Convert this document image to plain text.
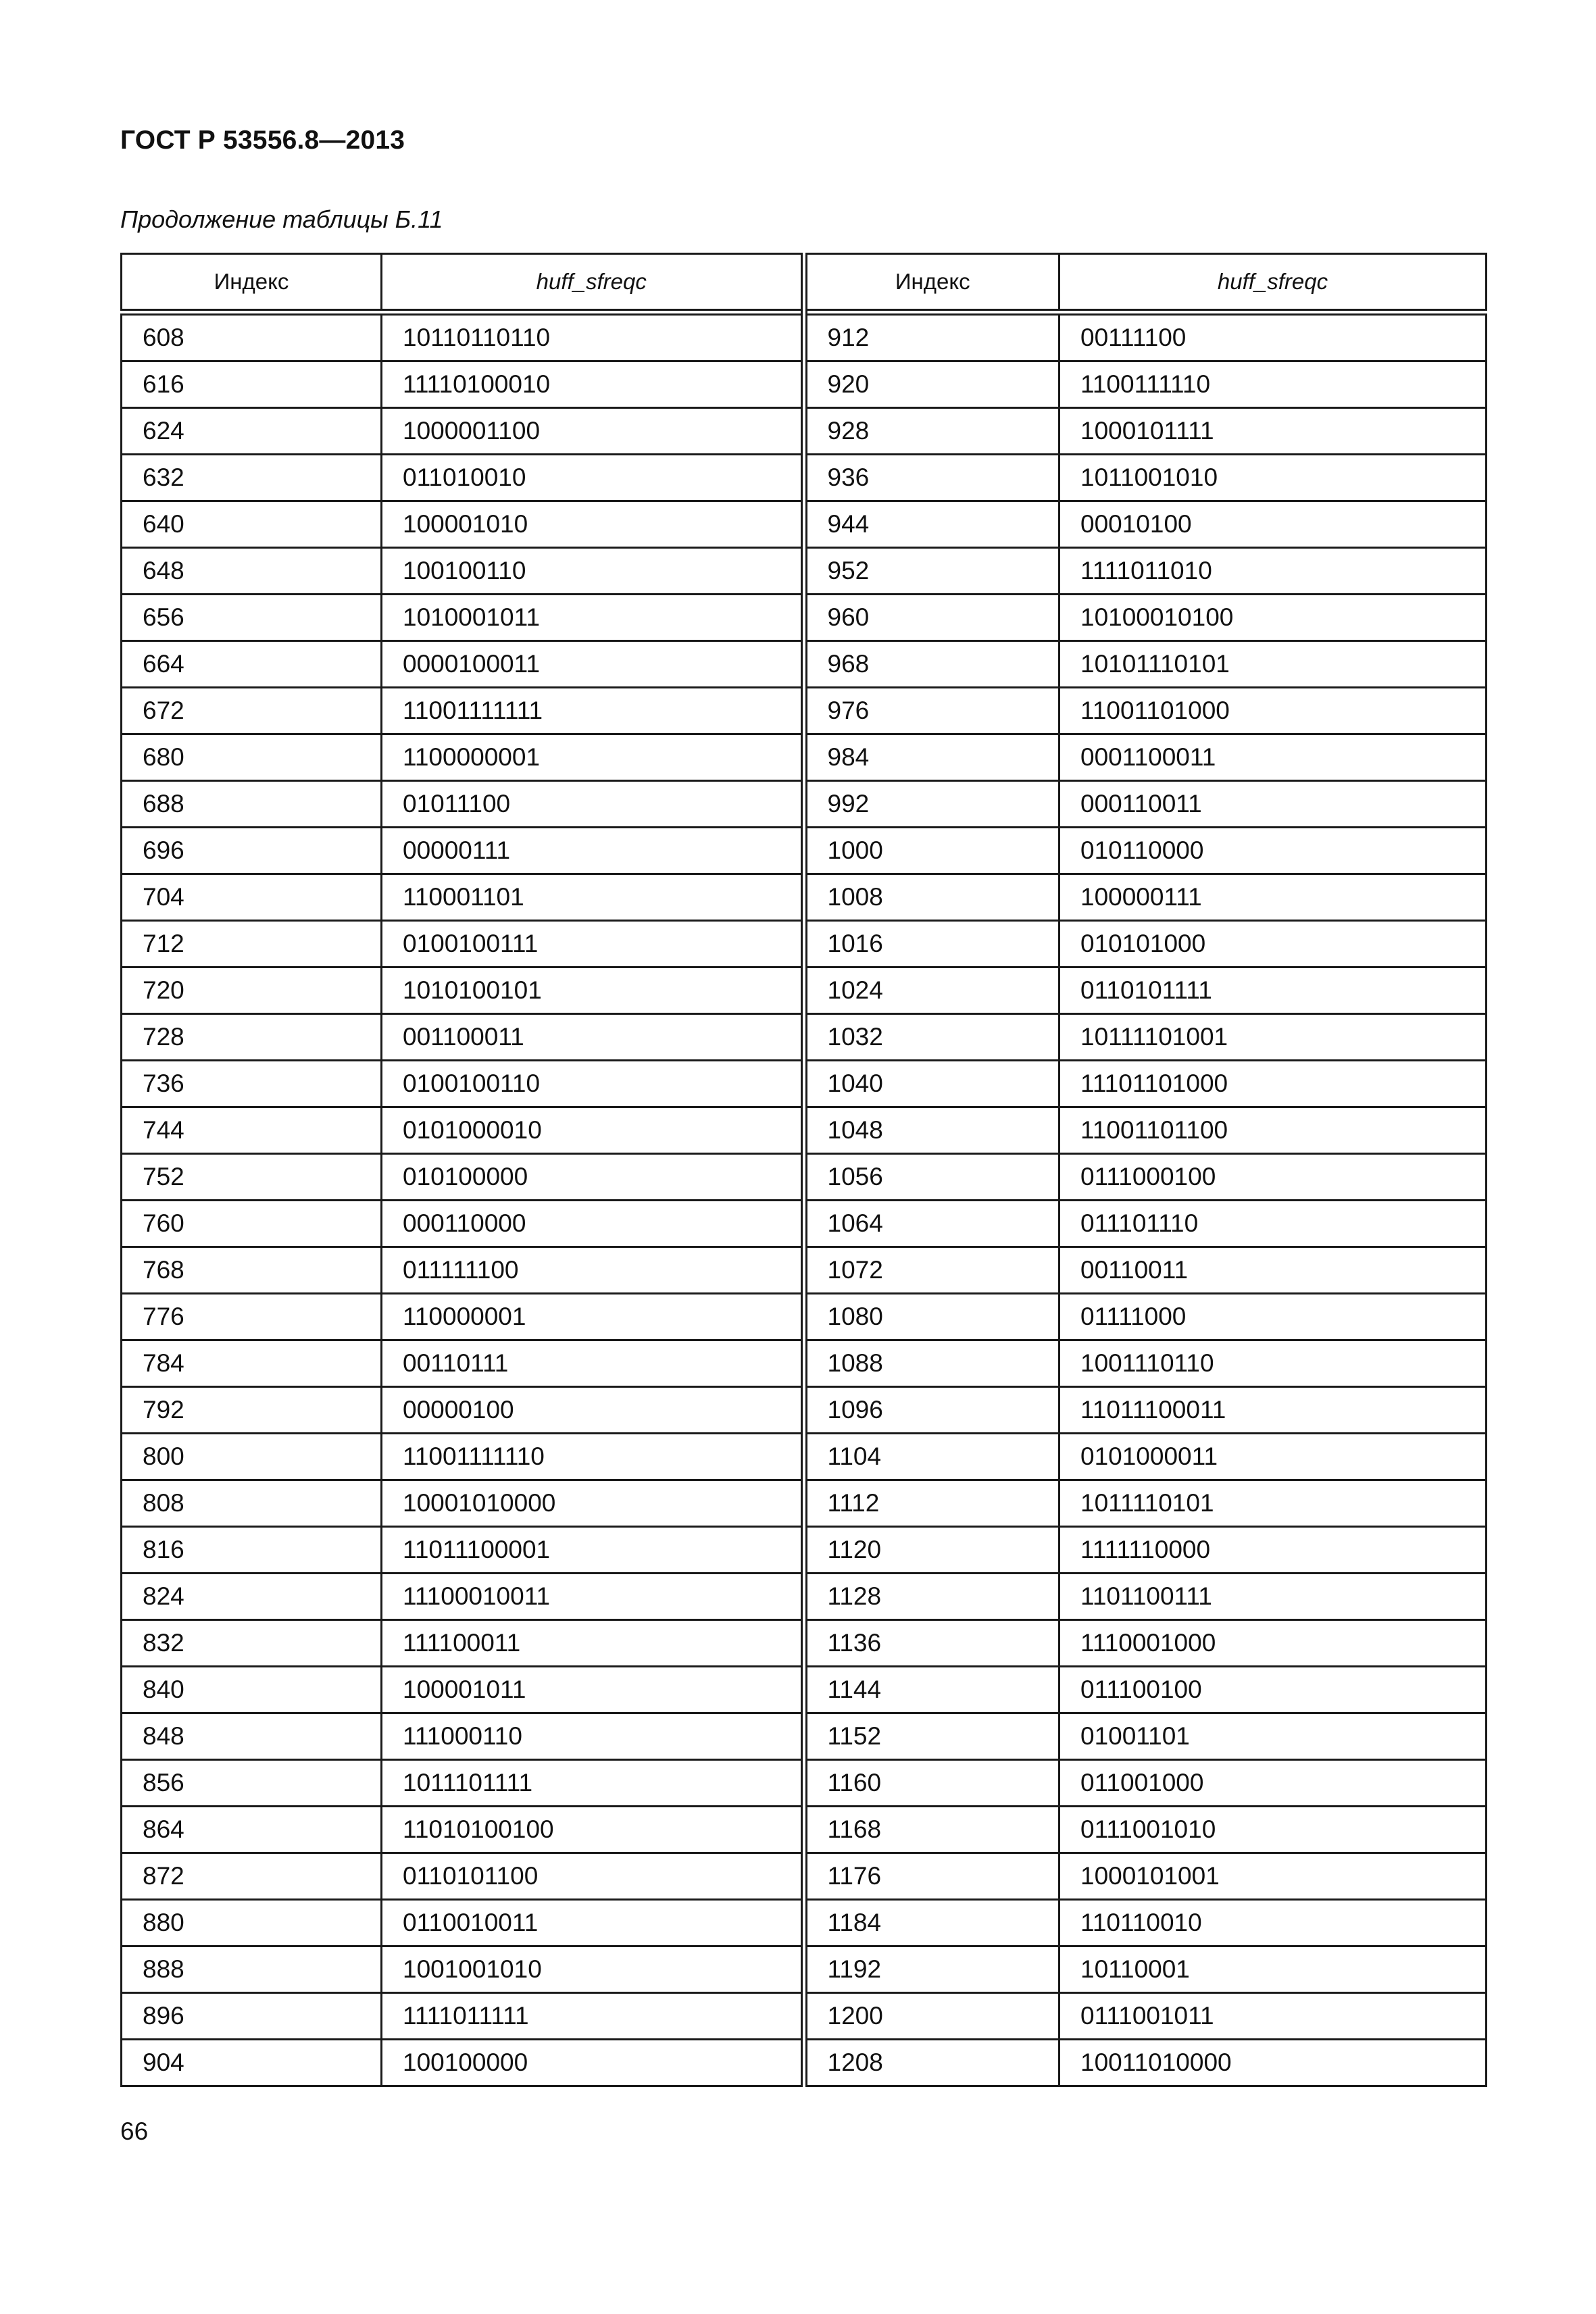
ГОСТ Р 53556.8—2013
Продолжение таблицы Б.11
Индекс	huff_sfreqc	Индекс	huff_sfreqc
608	10110110110	912	00111100
616	11110100010	920	1100111110
624	1000001100	928	1000101111
632	011010010	936	1011001010
640	100001010	944	00010100
648	100100110	952	1111011010
656	1010001011	960	10100010100
664	0000100011	968	10101110101
672	11001111111	976	11001101000
680	1100000001	984	0001100011
688	01011100	992	000110011
696	00000111	1000	010110000
704	110001101	1008	100000111
712	0100100111	1016	010101000
720	1010100101	1024	0110101111
728	001100011	1032	10111101001
736	0100100110	1040	11101101000
744	0101000010	1048	11001101100
752	010100000	1056	0111000100
760	000110000	1064	011101110
768	011111100	1072	00110011
776	110000001	1080	01111000
784	00110111	1088	1001110110
792	00000100	1096	11011100011
800	11001111110	1104	0101000011
808	10001010000	1112	1011110101
816	11011100001	1120	1111110000
824	11100010011	1128	1101100111
832	111100011	1136	1110001000
840	100001011	1144	011100100
848	111000110	1152	01001101
856	1011101111	1160	011001000
864	11010100100	1168	0111001010
872	0110101100	1176	1000101001
880	0110010011	1184	110110010
888	1001001010	1192	10110001
896	1111011111	1200	0111001011
904	100100000	1208	10011010000
66
